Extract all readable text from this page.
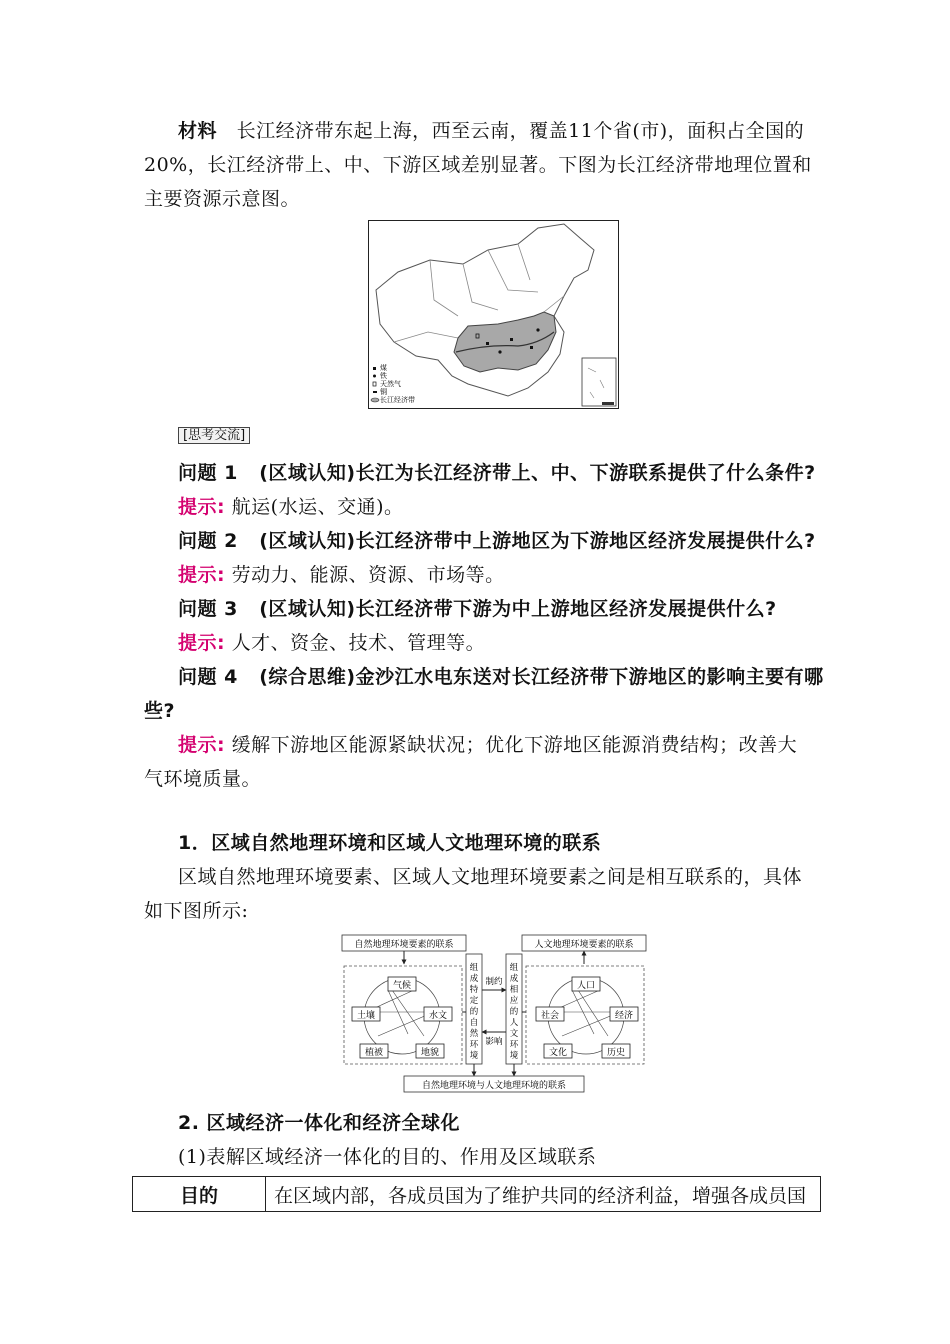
材料 长江经济带东起上海，西至云南，覆盖11个省(市)，面积占全国的
20%，长江经济带上、中、下游区域差别显著。下图为长江经济带地理位置和
主要资源示意图。
煤
铁
天然气
铜
长江经济带
[ 思考交流 ]
问题 1 (区域认知)长江为长江经济带上、中、下游联系提供了什么条件?
提示: 航运(水运、交通)。
问题 2 (区域认知)长江经济带中上游地区为下游地区经济发展提供什么?
提示: 劳动力、能源、资源、市场等。
问题 3 (区域认知)长江经济带下游为中上游地区经济发展提供什么?
提示: 人才、资金、技术、管理等。
问题 4 (综合思维)金沙江水电东送对长江经济带下游地区的影响主要有哪
些?
提示: 缓解下游地区能源紧缺状况；优化下游地区能源消费结构；改善大
气环境质量。
1．区域自然地理环境和区域人文地理环境的联系
区域自然地理环境要素、区域人文地理环境要素之间是相互联系的，具体
如下图所示:
自然地理环境要素的联系	人文地理环境要素的联系
气候
土壤	水文
植被	地貌
组
成
特
定
的
自
然
环
境
组
成
相
应
的
人
文
环
境
制约
影响
人口
社会	经济
文化	历史
自然地理环境与人文地理环境的联系
2. 区域经济一体化和经济全球化
(1)表解区域经济一体化的目的、作用及区域联系
目的	在区域内部，各成员国为了维护共同的经济利益，增强各成员国
